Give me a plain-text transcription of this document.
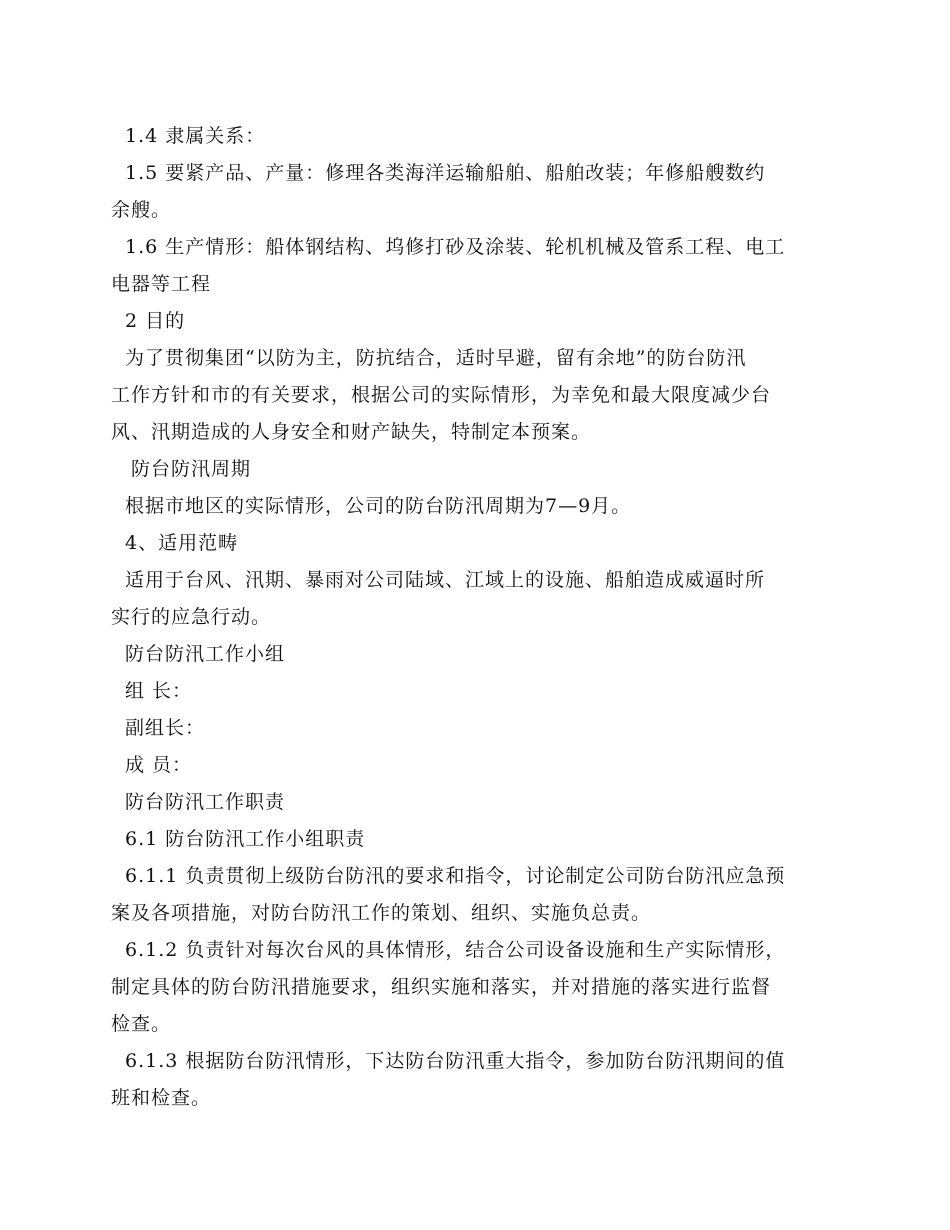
1.4 隶属关系：

1.5 要紧产品、产量：修理各类海洋运输船舶、船舶改装；年修船艘数约

余艘。

1.6 生产情形：船体钢结构、坞修打砂及涂装、轮机机械及管系工程、电工

电器等工程

2 目的

为了贯彻集团“以防为主，防抗结合，适时早避，留有余地”的防台防汛

工作方针和市的有关要求，根据公司的实际情形，为幸免和最大限度减少台

风、汛期造成的人身安全和财产缺失，特制定本预案。

防台防汛周期

根据市地区的实际情形，公司的防台防汛周期为7—9月。

4、适用范畴

适用于台风、汛期、暴雨对公司陆域、江域上的设施、船舶造成威逼时所

实行的应急行动。

防台防汛工作小组

组 长：

副组长：

成 员：

防台防汛工作职责

6.1 防台防汛工作小组职责

6.1.1 负责贯彻上级防台防汛的要求和指令，讨论制定公司防台防汛应急预

案及各项措施，对防台防汛工作的策划、组织、实施负总责。

6.1.2 负责针对每次台风的具体情形，结合公司设备设施和生产实际情形，

制定具体的防台防汛措施要求，组织实施和落实，并对措施的落实进行监督

检查。

6.1.3 根据防台防汛情形，下达防台防汛重大指令，参加防台防汛期间的值

班和检查。
